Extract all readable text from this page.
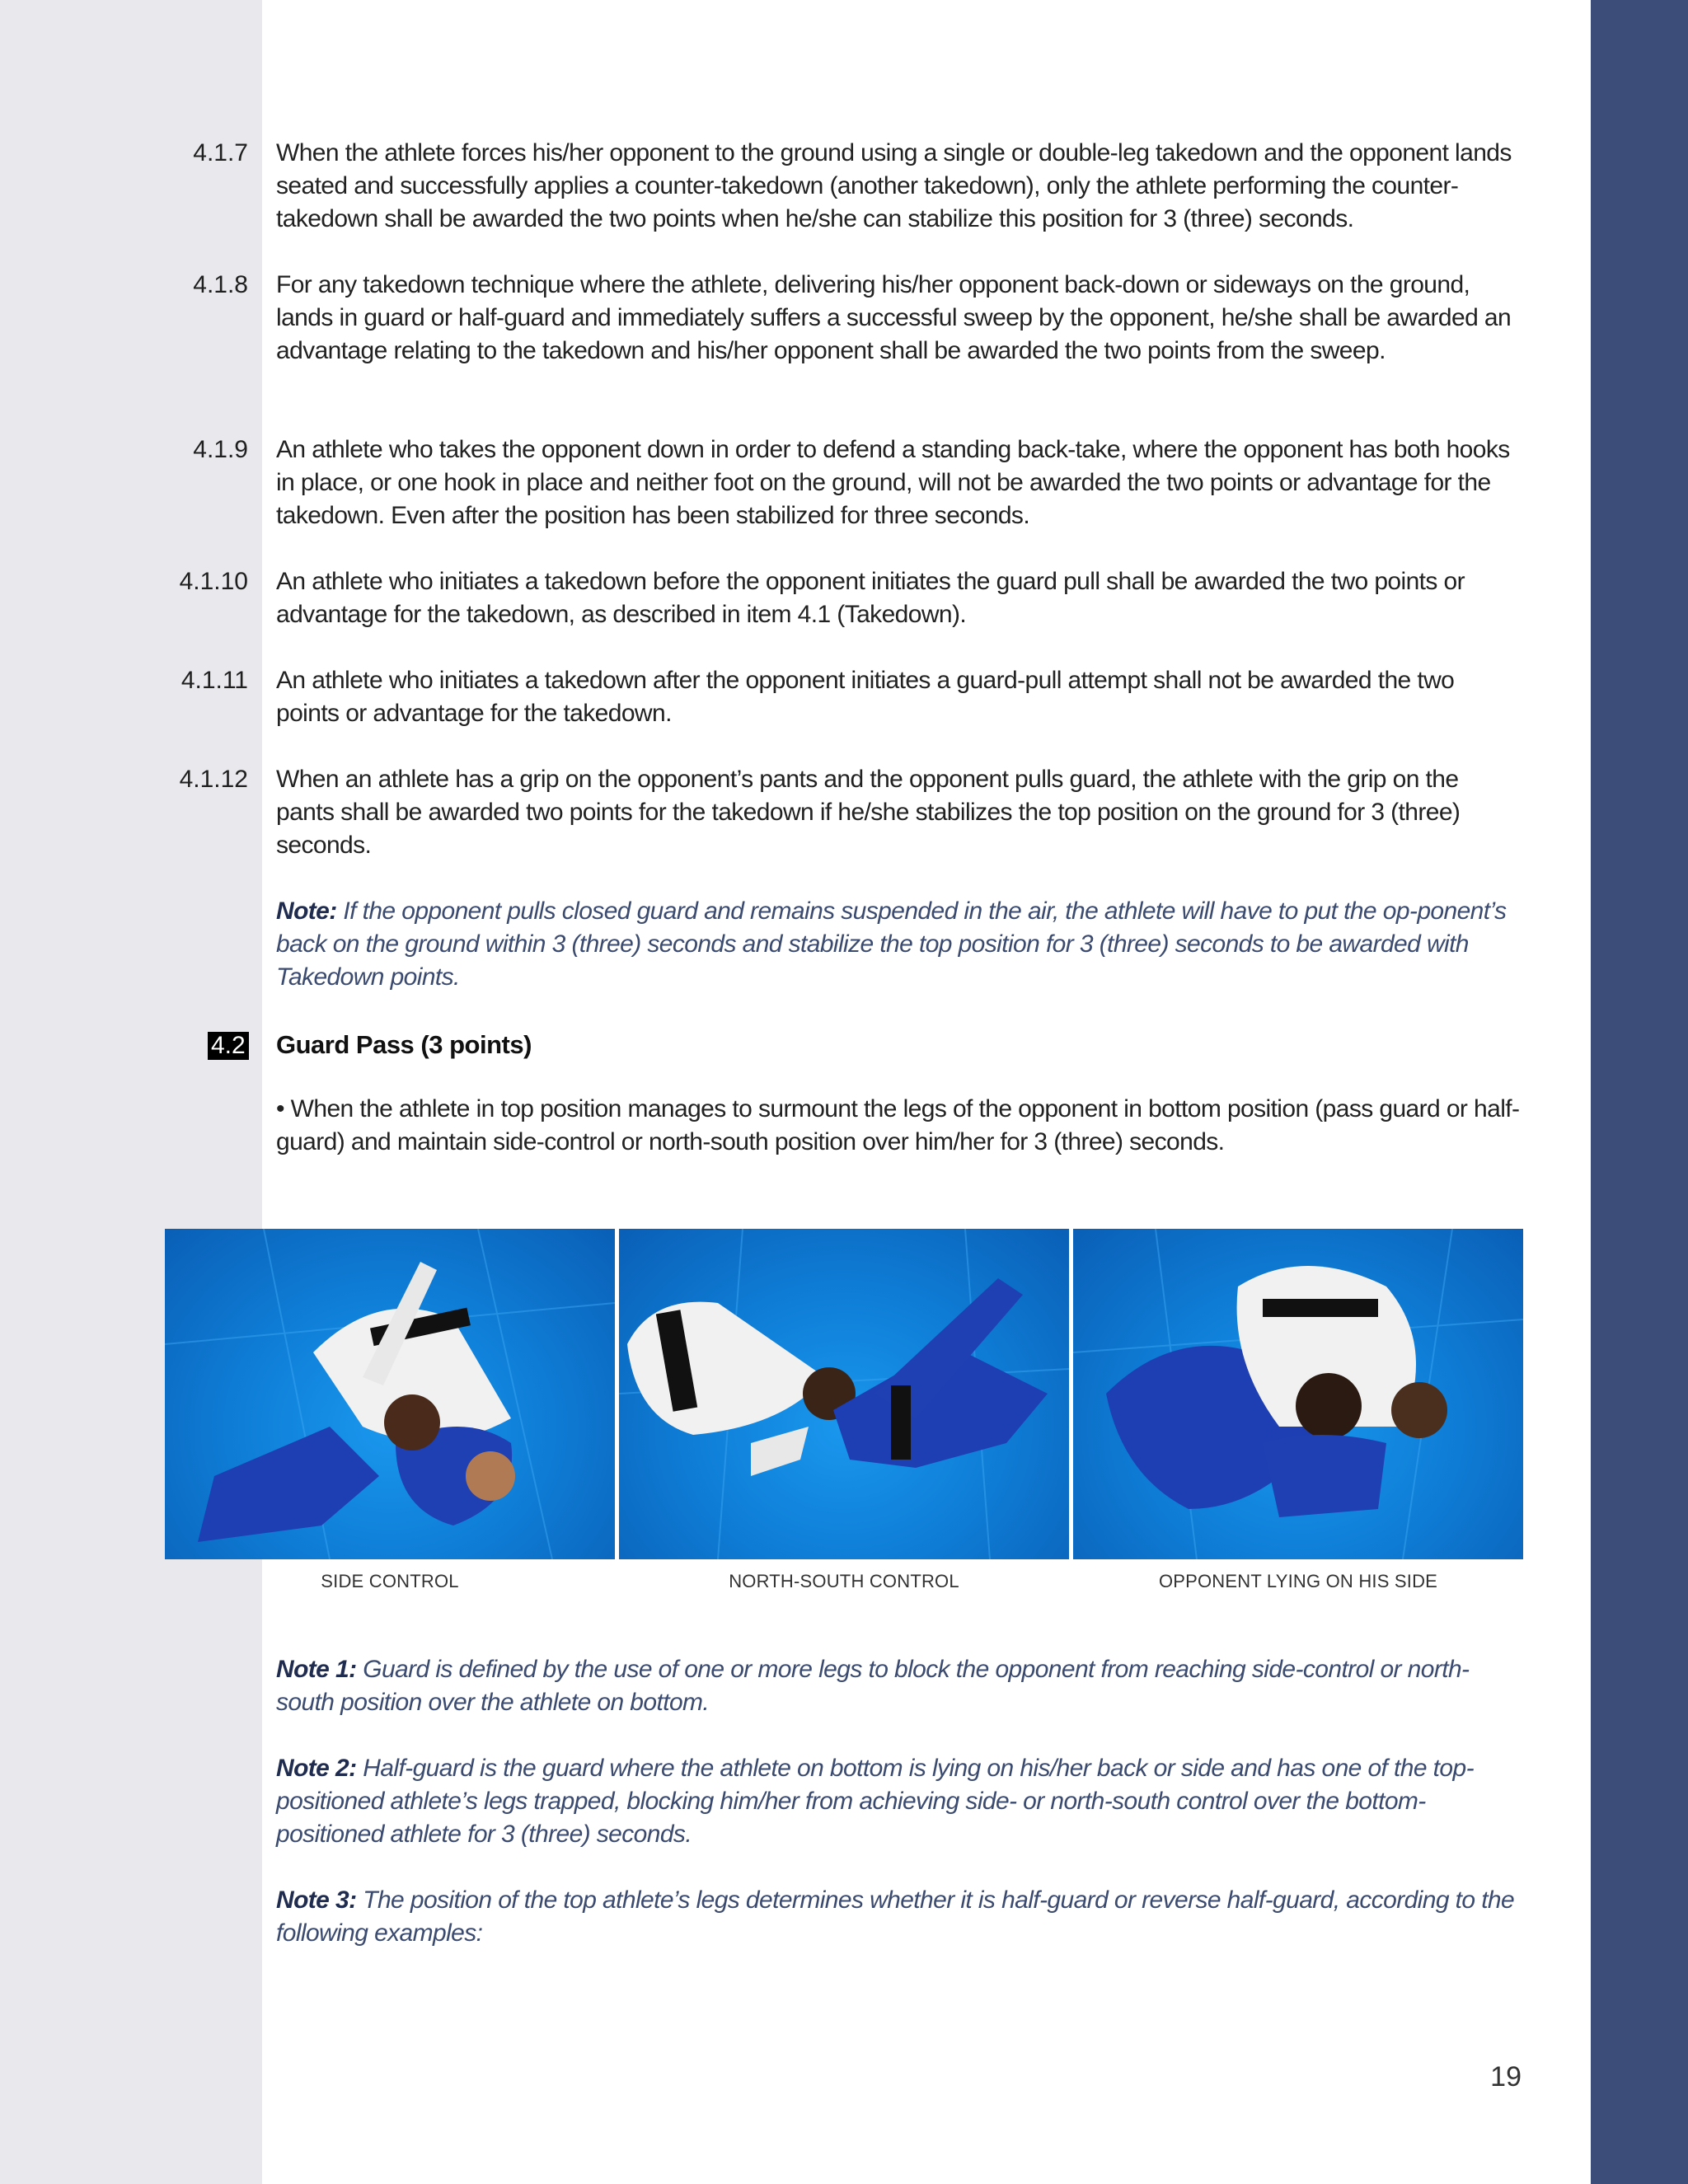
4.1.7 When the athlete forces his/her opponent to the ground using a single or double-leg takedown and the opponent lands seated and successfully applies a counter-takedown (another takedown), only the athlete performing the counter-takedown shall be awarded the two points when he/she can stabilize this position for 3 (three) seconds.
4.1.8 For any takedown technique where the athlete, delivering his/her opponent back-down or sideways on the ground, lands in guard or half-guard and immediately suffers a successful sweep by the opponent, he/she shall be awarded an advantage relating to the takedown and his/her opponent shall be awarded the two points from the sweep.
4.1.9 An athlete who takes the opponent down in order to defend a standing back-take, where the opponent has both hooks in place, or one hook in place and neither foot on the ground, will not be awarded the two points or advantage for the takedown. Even after the position has been stabilized for three seconds.
4.1.10 An athlete who initiates a takedown before the opponent initiates the guard pull shall be awarded the two points or advantage for the takedown, as described in item 4.1 (Takedown).
4.1.11 An athlete who initiates a takedown after the opponent initiates a guard-pull attempt shall not be awarded the two points or advantage for the takedown.
4.1.12 When an athlete has a grip on the opponent’s pants and the opponent pulls guard, the athlete with the grip on the pants shall be awarded two points for the takedown if he/she stabilizes the top position on the ground for 3 (three) seconds.
Note: If the opponent pulls closed guard and remains suspended in the air, the athlete will have to put the op-ponent’s back on the ground within 3 (three) seconds and stabilize the top position for 3 (three) seconds to be awarded with Takedown points.
4.2 Guard Pass (3 points)
• When the athlete in top position manages to surmount the legs of the opponent in bottom position (pass guard or half-guard) and maintain side-control or north-south position over him/her for 3 (three) seconds.
SIDE CONTROL	NORTH-SOUTH CONTROL	OPPONENT LYING ON HIS SIDE
Note 1: Guard is defined by the use of one or more legs to block the opponent from reaching side-control or north-south position over the athlete on bottom.
Note 2: Half-guard is the guard where the athlete on bottom is lying on his/her back or side and has one of the top-positioned athlete’s legs trapped, blocking him/her from achieving side- or north-south control over the bottom-positioned athlete for 3 (three) seconds.
Note 3: The position of the top athlete’s legs determines whether it is half-guard or reverse half-guard, according to the following examples:
19
